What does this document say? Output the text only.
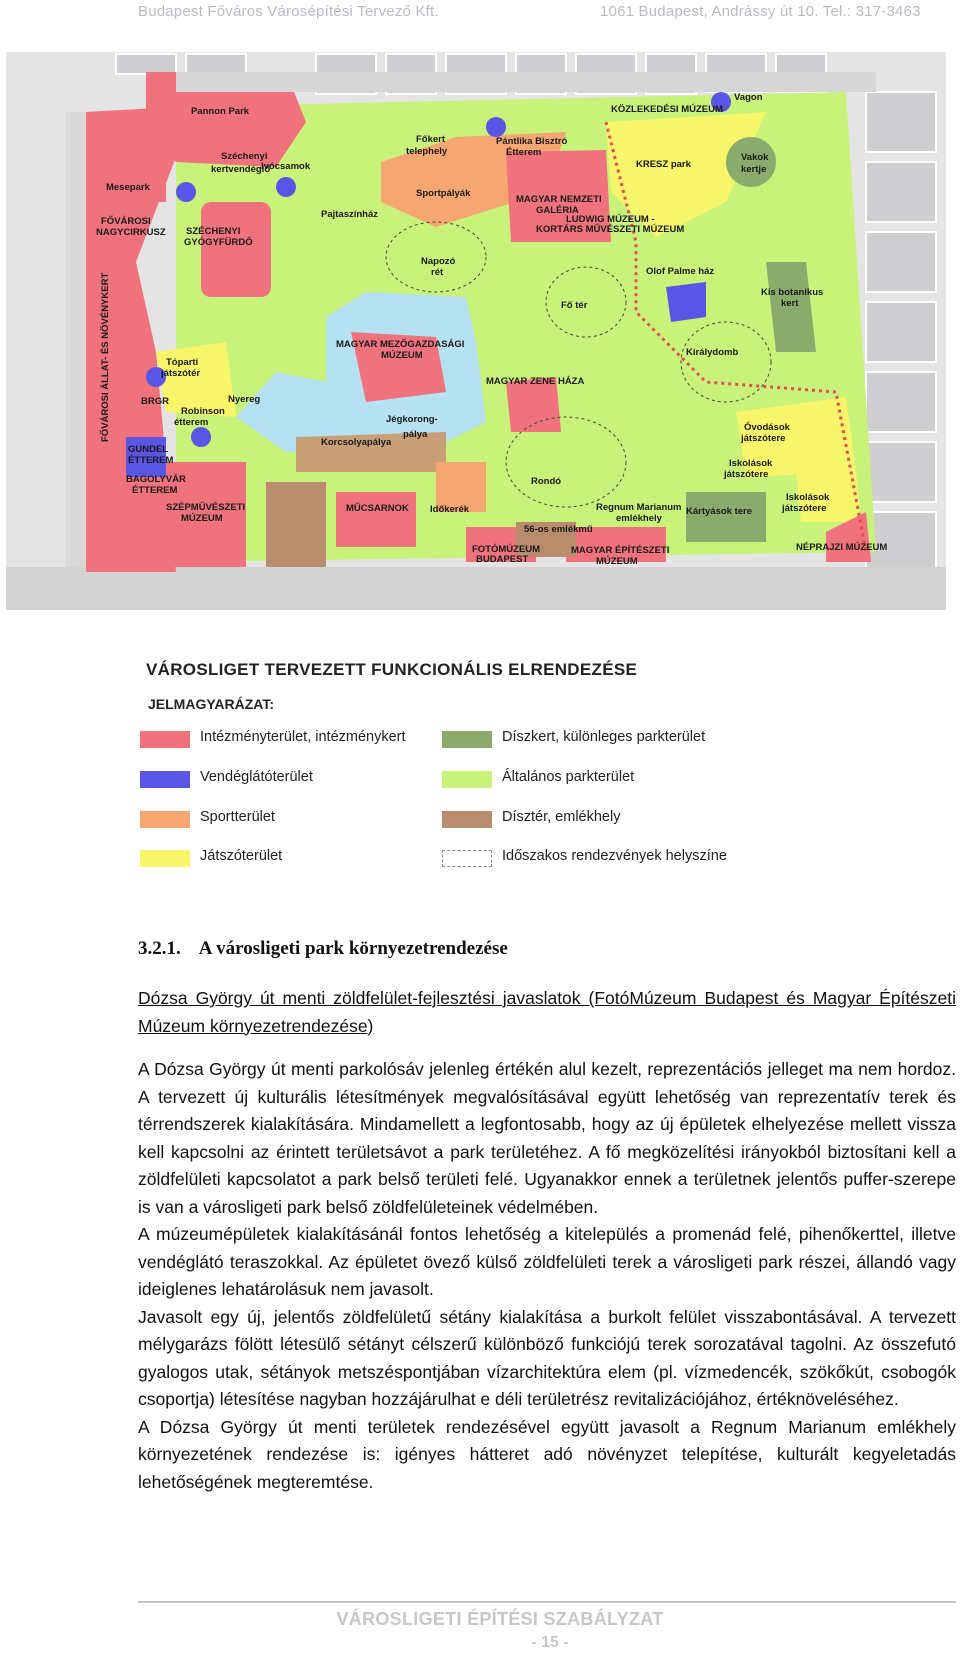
Budapest Főváros Városépítési Tervező Kft.	1061 Budapest, Andrássy út 10. Tel.: 317-3463
Pannon Park
Vagon
KÖZLEKEDÉSI MÚZEUM
Főkert
telephely
Pántlika Bisztró
Étterem
Ivócsamok
Széchenyi
kertvendéglő
Mesepark
Sportpályák
KRESZ park
Vakok
kertje
MAGYAR NEMZETI
GALÉRIA
LUDWIG MÚZEUM -
KORTÁRS MŰVÉSZETI MÚZEUM
FŐVÁROSI
NAGYCIRKUSZ
Pajtaszínház
SZÉCHENYI
GYÓGYFÜRDŐ
Napozó
rét	Olof Palme ház
Kis botanikus
kert
FŐVÁROSI ÁLLAT- ÉS NÖVÉNYKERT	Fő tér
MAGYAR MEZŐGAZDASÁGI
MÚZEUM	Királydomb
Tóparti
játszótér
MAGYAR ZENE HÁZA
BRGR	Nyereg
Robinson
étterem	Jégkorong-
pálya
Korcsolyapálya
Óvodások
játszótere
GUNDEL
ÉTTEREM	Iskolások
játszótere
BAGOLYVÁR
ÉTTEREM
Rondó
Iskolások
játszótere
SZÉPMŰVÉSZETI
MÚZEUM
MŰCSARNOK Időkerék	Regnum Marianum
emlékhely
Kártyások tere
56-os emlékmű
NÉPRAJZI MÚZEUM
FOTÓMÚZEUM
BUDAPEST
MAGYAR ÉPÍTÉSZETI
MÚZEUM
VÁROSLIGET TERVEZETT FUNKCIONÁLIS ELRENDEZÉSE
JELMAGYARÁZAT:
Intézményterület, intézménykert
Vendéglátóterület
Sportterület
Játszóterület
Díszkert, különleges parkterület
Általános parkterület
Dísztér, emlékhely
Időszakos rendezvények helyszíne
3.2.1. A városligeti park környezetrendezése

Dózsa György út menti zöldfelület-fejlesztési javaslatok (FotóMúzeum Budapest és Magyar Építészeti Múzeum környezetrendezése)

A Dózsa György út menti parkolósáv jelenleg értékén alul kezelt, reprezentációs jelleget ma nem hordoz. A tervezett új kulturális létesítmények megvalósításával együtt lehetőség van reprezentatív terek és térrendszerek kialakítására. Mindamellett a legfontosabb, hogy az új épületek elhelyezése mellett vissza kell kapcsolni az érintett területsávot a park területéhez. A fő megközelítési irányokból biztosítani kell a zöldfelületi kapcsolatot a park belső területi felé. Ugyanakkor ennek a területnek jelentős puffer-szerepe is van a városligeti park belső zöldfelületeinek védelmében.

A múzeumépületek kialakításánál fontos lehetőség a kitelepülés a promenád felé, pihenőkerttel, illetve vendéglátó teraszokkal. Az épületet övező külső zöldfelületi terek a városligeti park részei, állandó vagy ideiglenes lehatárolásuk nem javasolt.

Javasolt egy új, jelentős zöldfelületű sétány kialakítása a burkolt felület visszabontásával. A tervezett mélygarázs fölött létesülő sétányt célszerű különböző funkciójú terek sorozatával tagolni. Az összefutó gyalogos utak, sétányok metszéspontjában vízarchitektúra elem (pl. vízmedencék, szökőkút, csobogók csoportja) létesítése nagyban hozzájárulhat e déli területrész revitalizációjához, értéknöveléséhez.

A Dózsa György út menti területek rendezésével együtt javasolt a Regnum Marianum emlékhely környezetének rendezése is: igényes hátteret adó növényzet telepítése, kulturált kegyeletadás lehetőségének megteremtése.

VÁROSLIGETI ÉPÍTÉSI SZABÁLYZAT
- 15 -
